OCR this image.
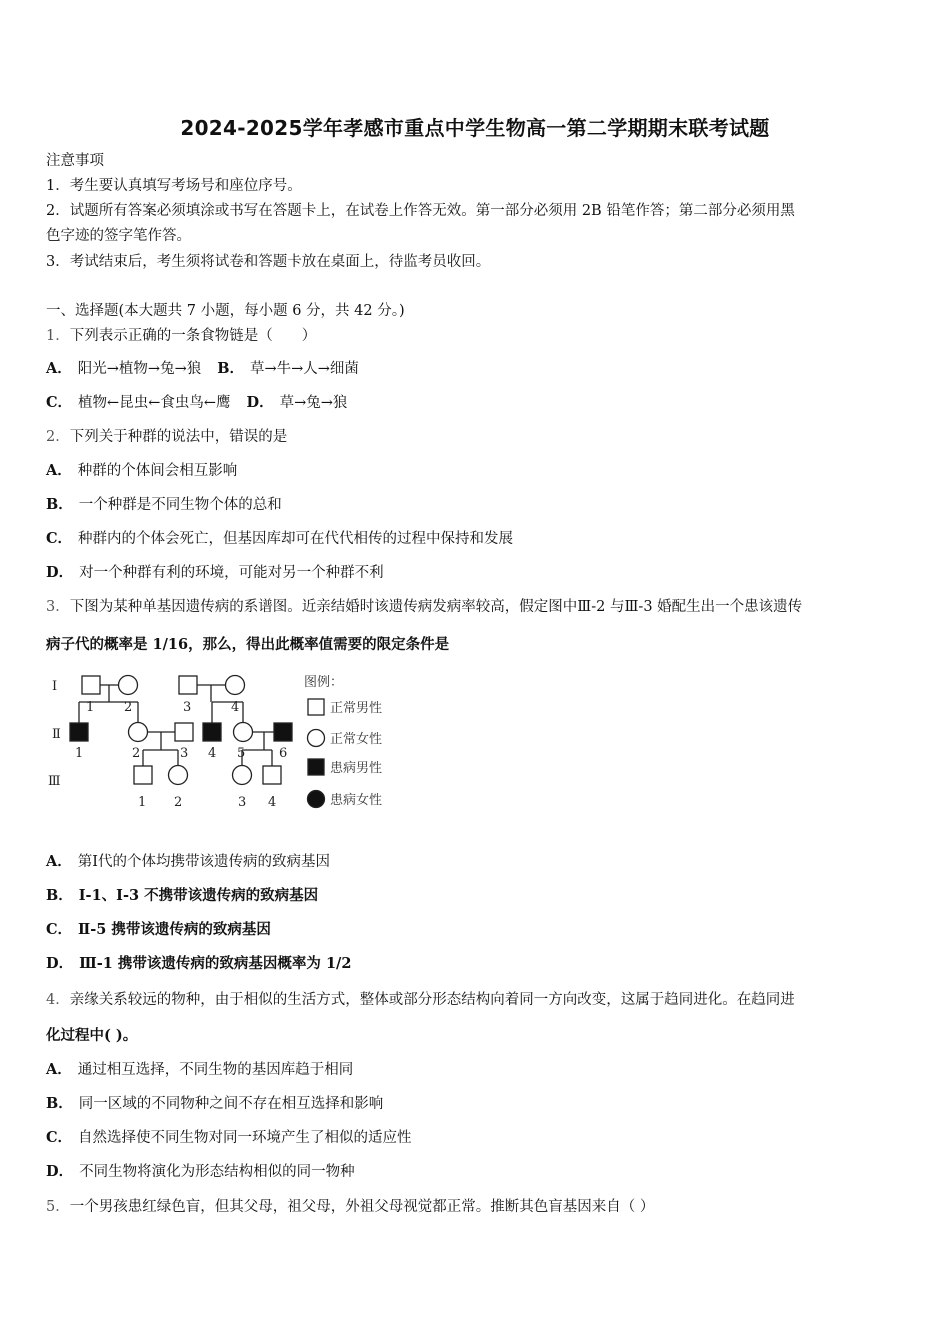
2024-2025学年孝感市重点中学生物高一第二学期期末联考试题
注意事项
1．考生要认真填写考场号和座位序号。
2．试题所有答案必须填涂或书写在答题卡上，在试卷上作答无效。第一部分必须用 2B 铅笔作答；第二部分必须用黑
色字迹的签字笔作答。
3．考试结束后，考生须将试卷和答题卡放在桌面上，待监考员收回。
一、选择题(本大题共 7 小题，每小题 6 分，共 42 分。)
1．下列表示正确的一条食物链是（　　）
A． 阳光→植物→兔→狼 B． 草→牛→人→细菌
C． 植物←昆虫←食虫鸟←鹰 D． 草→兔→狼
2．下列关于种群的说法中，错误的是
A． 种群的个体间会相互影响
B． 一个种群是不同生物个体的总和
C． 种群内的个体会死亡，但基因库却可在代代相传的过程中保持和发展
D． 对一个种群有利的环境，可能对另一个种群不利
3．下图为某种单基因遗传病的系谱图。近亲结婚时该遗传病发病率较高，假定图中Ⅲ-2 与Ⅲ-3 婚配生出一个患该遗传
病子代的概率是 1/16，那么，得出此概率值需要的限定条件是
Ⅰ
Ⅱ
Ⅲ
1 2	3	4
1	2	3 4 5	6
1 2	3 4
图例：
正常男性
正常女性
患病男性
患病女性
A． 第Ⅰ代的个体均携带该遗传病的致病基因
B． Ⅰ-1、Ⅰ-3 不携带该遗传病的致病基因
C． Ⅱ-5 携带该遗传病的致病基因
D． Ⅲ-1 携带该遗传病的致病基因概率为 1/2
4．亲缘关系较远的物种，由于相似的生活方式，整体或部分形态结构向着同一方向改变，这属于趋同进化。在趋同进
化过程中( )。
A． 通过相互选择，不同生物的基因库趋于相同
B． 同一区域的不同物种之间不存在相互选择和影响
C． 自然选择使不同生物对同一环境产生了相似的适应性
D． 不同生物将演化为形态结构相似的同一物种
5．一个男孩患红绿色盲，但其父母，祖父母，外祖父母视觉都正常。推断其色盲基因来自（ ）
